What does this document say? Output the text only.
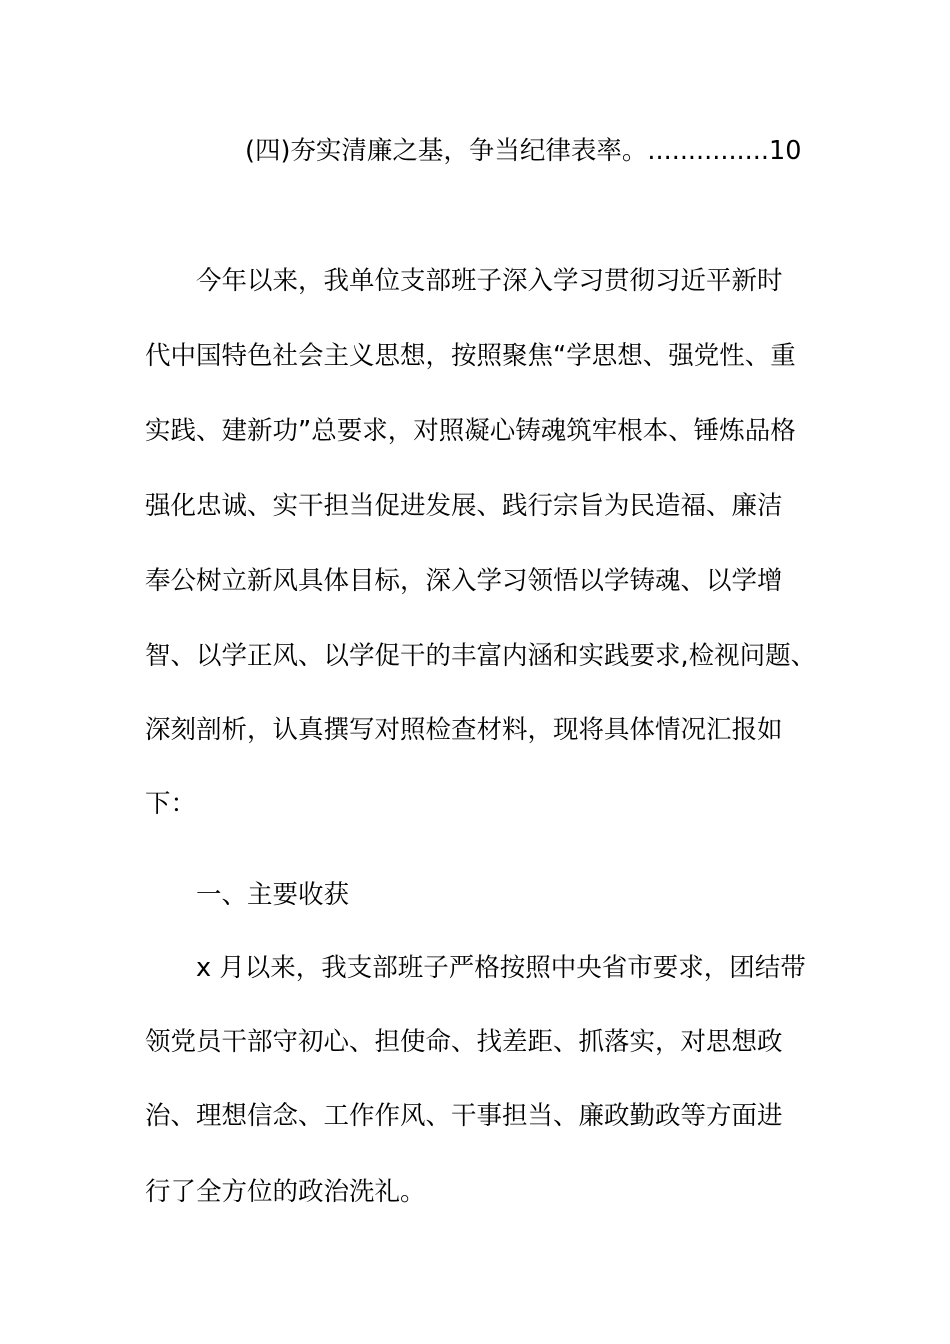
(四)夯实清廉之基，争当纪律表率。...............10
今年以来，我单位支部班子深入学习贯彻习近平新时
代中国特色社会主义思想，按照聚焦“学思想、强党性、重
实践、建新功”总要求，对照凝心铸魂筑牢根本、锤炼品格
强化忠诚、实干担当促进发展、践行宗旨为民造福、廉洁
奉公树立新风具体目标，深入学习领悟以学铸魂、以学增
智、以学正风、以学促干的丰富内涵和实践要求,检视问题、
深刻剖析，认真撰写对照检查材料，现将具体情况汇报如
下：
一、主要收获
x 月以来，我支部班子严格按照中央省市要求，团结带
领党员干部守初心、担使命、找差距、抓落实，对思想政
治、理想信念、工作作风、干事担当、廉政勤政等方面进
行了全方位的政治洗礼。
